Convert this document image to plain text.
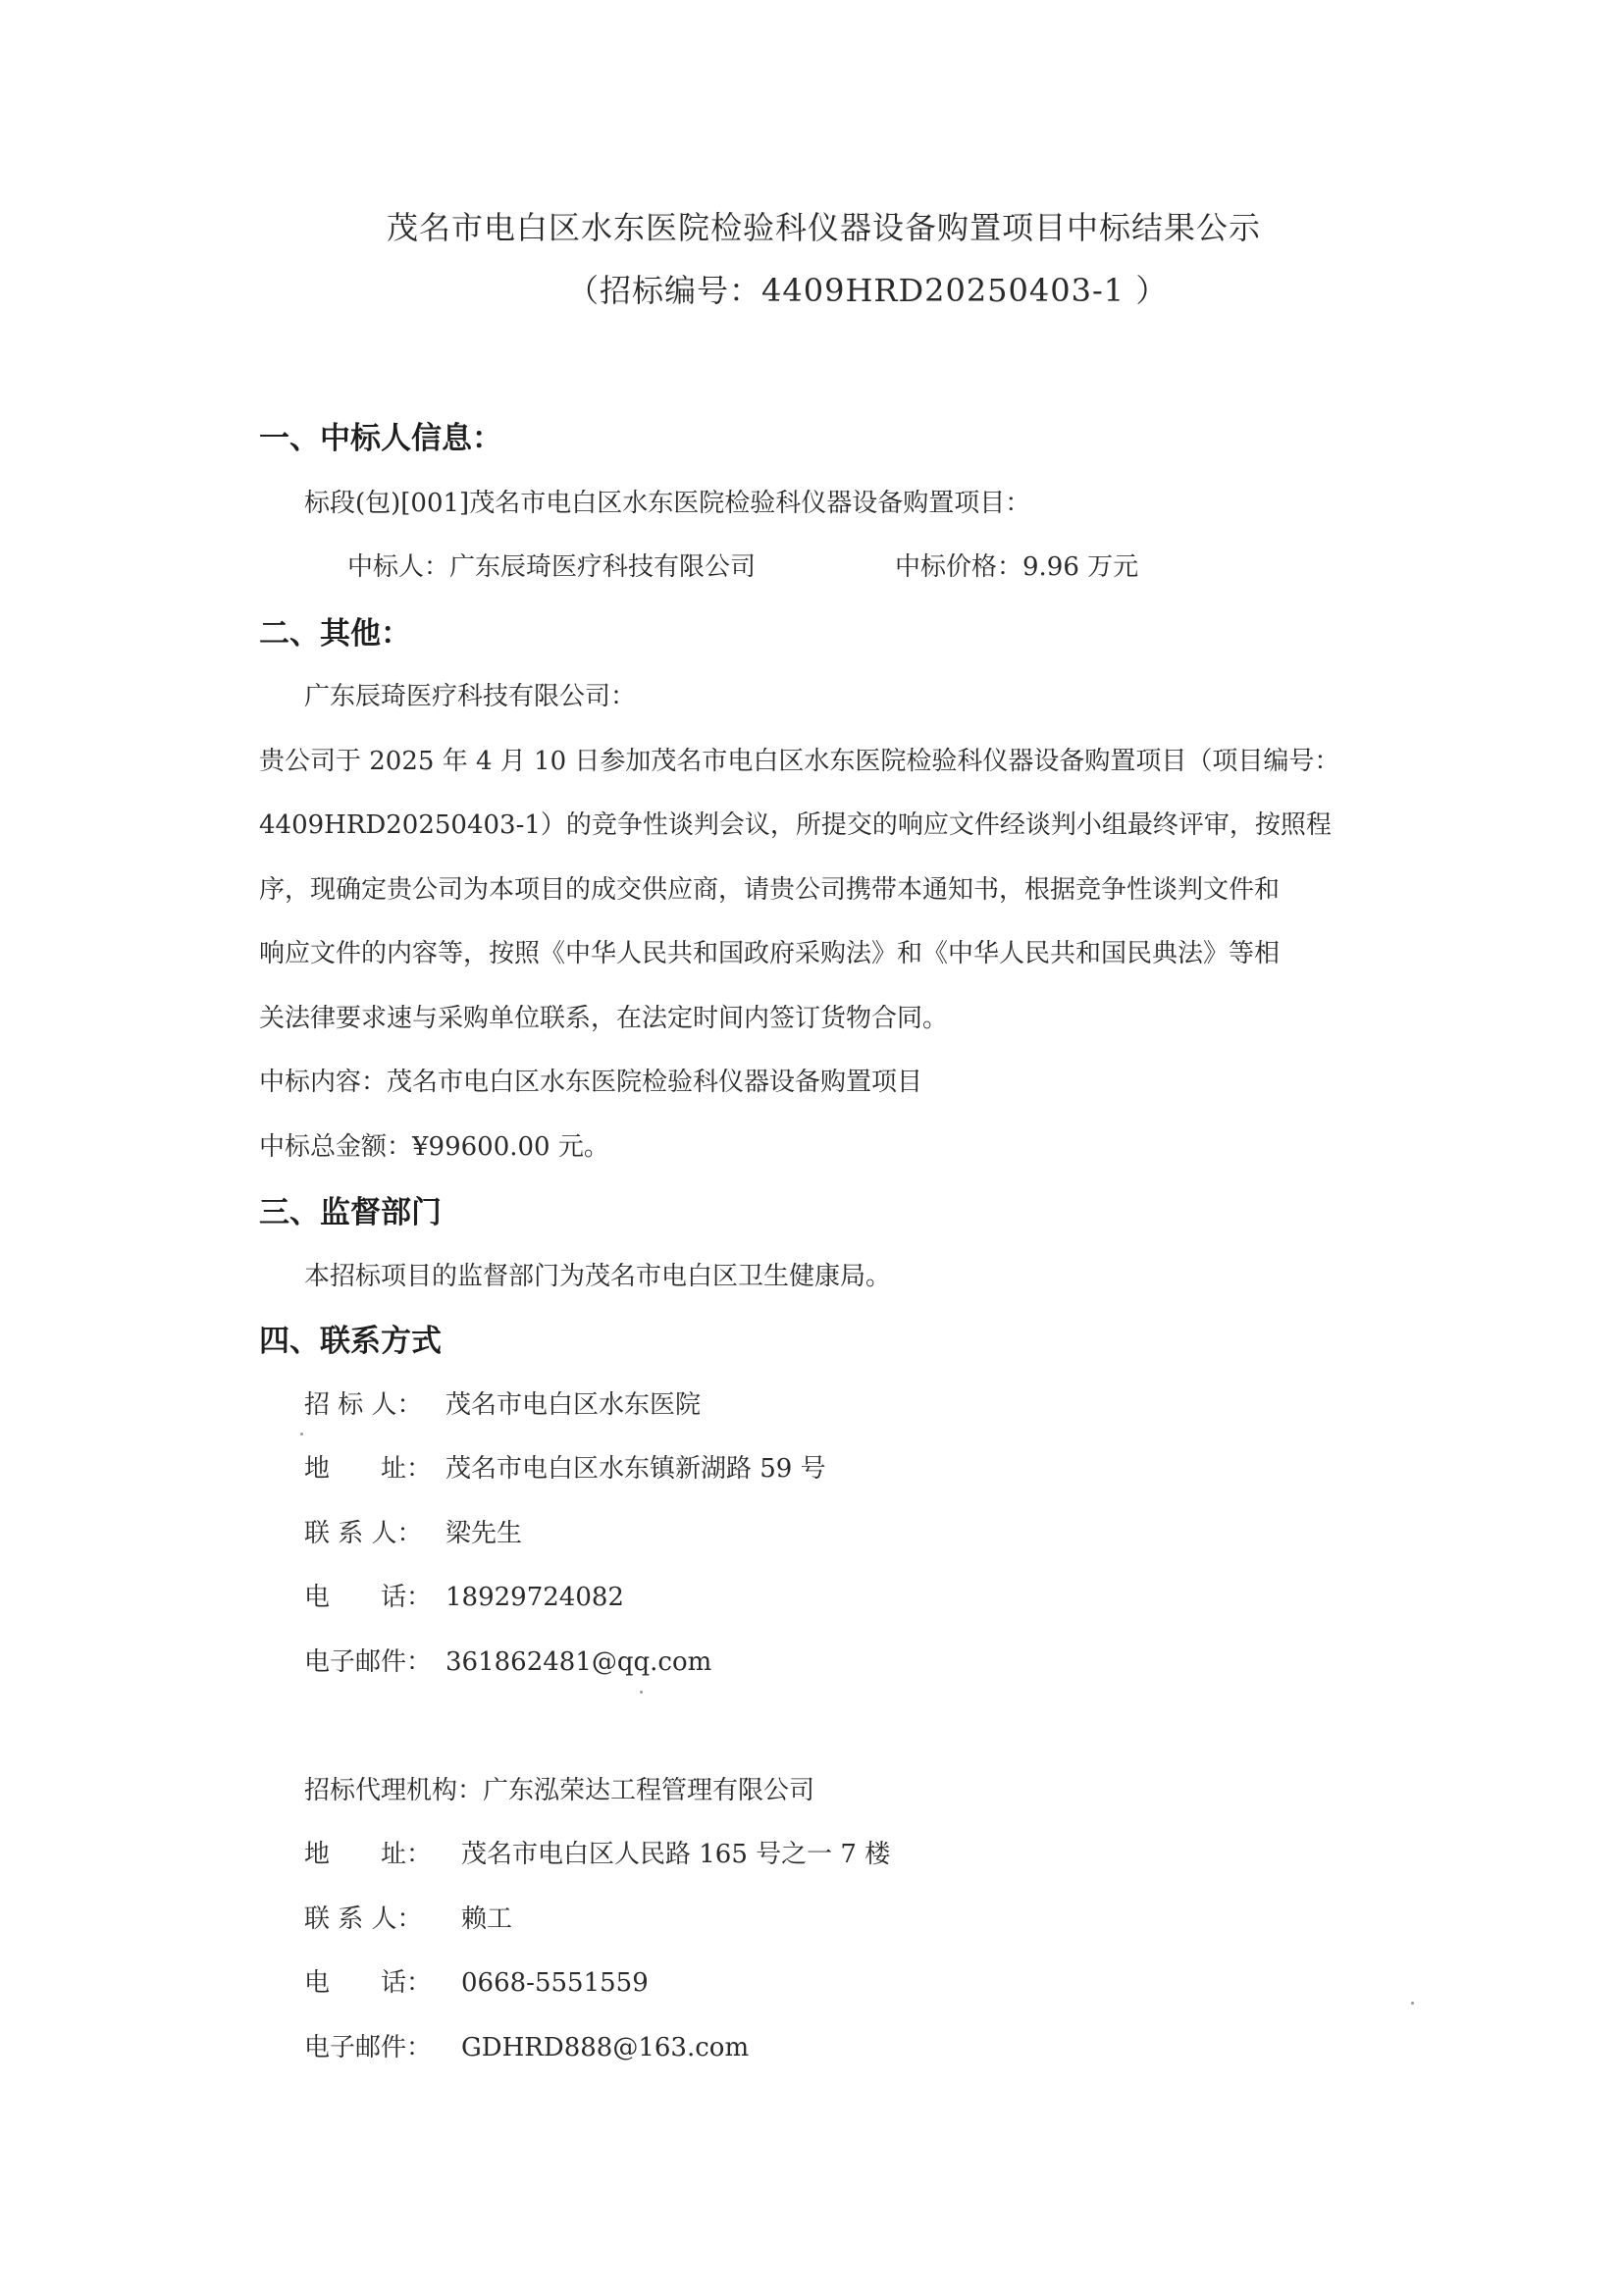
茂名市电白区水东医院检验科仪器设备购置项目中标结果公示
（招标编号：4409HRD20250403-1 ）
一、中标人信息：
标段(包)[001]茂名市电白区水东医院检验科仪器设备购置项目：
中标人：广东辰琦医疗科技有限公司	中标价格：9.96 万元
二、其他：
广东辰琦医疗科技有限公司：
贵公司于 2025 年 4 月 10 日参加茂名市电白区水东医院检验科仪器设备购置项目（项目编号：
4409HRD20250403-1）的竞争性谈判会议，所提交的响应文件经谈判小组最终评审，按照程
序，现确定贵公司为本项目的成交供应商，请贵公司携带本通知书，根据竞争性谈判文件和
响应文件的内容等，按照《中华人民共和国政府采购法》和《中华人民共和国民典法》等相
关法律要求速与采购单位联系，在法定时间内签订货物合同。
中标内容：茂名市电白区水东医院检验科仪器设备购置项目
中标总金额：¥99600.00 元。
三、监督部门
本招标项目的监督部门为茂名市电白区卫生健康局。
四、联系方式
招 标 人： 茂名市电白区水东医院
地　　址： 茂名市电白区水东镇新湖路 59 号
联 系 人： 梁先生
电　　话： 18929724082
电子邮件： 361862481@qq.com
招标代理机构：广东泓荣达工程管理有限公司
地　　址： 茂名市电白区人民路 165 号之一 7 楼
联 系 人： 赖工
电　　话： 0668-5551559
电子邮件： GDHRD888@163.com
